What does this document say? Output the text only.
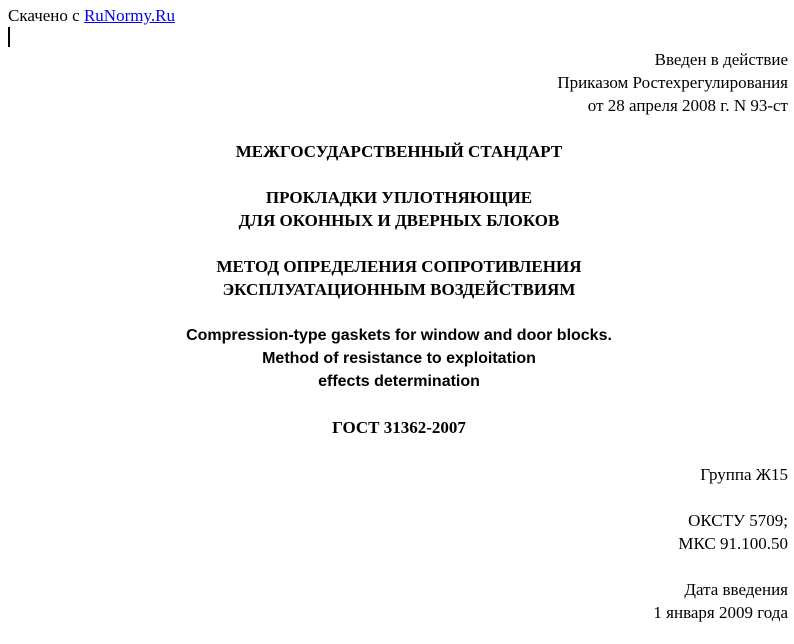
Скачено с RuNormy.Ru
Введен в действие
Приказом Ростехрегулирования
от 28 апреля 2008 г. N 93-ст
МЕЖГОСУДАРСТВЕННЫЙ СТАНДАРТ
ПРОКЛАДКИ УПЛОТНЯЮЩИЕ
ДЛЯ ОКОННЫХ И ДВЕРНЫХ БЛОКОВ
МЕТОД ОПРЕДЕЛЕНИЯ СОПРОТИВЛЕНИЯ
ЭКСПЛУАТАЦИОННЫМ ВОЗДЕЙСТВИЯМ
Compression-type gaskets for window and door blocks.
Method of resistance to exploitation
effects determination
ГОСТ 31362-2007
Группа Ж15
ОКСТУ 5709;
МКС 91.100.50
Дата введения
1 января 2009 года
